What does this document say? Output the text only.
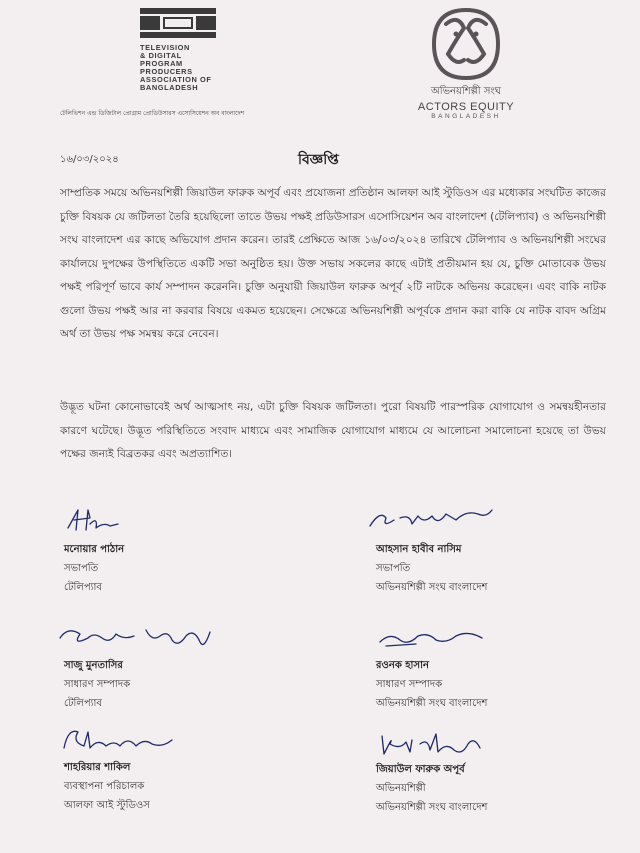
TELEVISION
& DIGITAL
PROGRAM
PRODUCERS
ASSOCIATION OF
BANGLADESH
টেলিভিশন এন্ড ডিজিটাল প্রোগ্রাম প্রোডিউসারস এসোসিয়েশন অব বাংলাদেশ
অভিনয়শিল্পী সংঘ
ACTORS EQUITY
BANGLADESH
১৬/০৩/২০২৪	বিজ্ঞপ্তি
সাম্প্রতিক সময়ে অভিনয়শিল্পী জিয়াউল ফারুক অপূর্ব এবং প্রযোজনা প্রতিষ্ঠান আলফা আই স্টুডিওস এর মধ্যেকার সংঘটিত কাজের চুক্তি বিষয়ক যে জটিলতা তৈরি হয়েছিলো তাতে উভয় পক্ষই প্রডিউসারস এসোসিয়েশন অব বাংলাদেশ (টেলিপ্যাব) ও অভিনয়শিল্পী সংঘ বাংলাদেশ এর কাছে অভিযোগ প্রদান করেন। তারই প্রেক্ষিতে আজ ১৬/০৩/২০২৪ তারিখে টেলিপ্যাব ও অভিনয়শিল্পী সংঘের কার্যালয়ে দুপক্ষের উপস্থিতিতে একটি সভা অনুষ্ঠিত হয়। উক্ত সভায় সকলের কাছে এটাই প্রতীয়মান হয় যে, চুক্তি মোতাবেক উভয় পক্ষই পরিপূর্ণ ভাবে কার্য সম্পাদন করেননি। চুক্তি অনুযায়ী জিয়াউল ফারুক অপূর্ব ২টি নাটকে অভিনয় করেছেন। এবং বাকি নাটক গুলো উভয় পক্ষই আর না করবার বিষয়ে একমত হয়েছেন। সেক্ষেত্রে অভিনয়শিল্পী অপূর্বকে প্রদান করা বাকি যে নাটক বাবদ অগ্রিম অর্থ তা উভয় পক্ষ সমন্বয় করে নেবেন।
উদ্ভূত ঘটনা কোনোভাবেই অর্থ আত্মসাৎ নয়, এটা চুক্তি বিষয়ক জটিলতা। পুরো বিষয়টি পারস্পরিক যোগাযোগ ও সমন্বয়হীনতার কারণে ঘটেছে। উদ্ভূত পরিস্থিতিতে সংবাদ মাধ্যমে এবং সামাজিক যোগাযোগ মাধ্যমে যে আলোচনা সমালোচনা হয়েছে তা উভয় পক্ষের জন্যই বিব্রতকর এবং অপ্রত্যাশিত।
মনোয়ার পাঠান
সভাপতি
টেলিপ্যাব
আহসান হাবীব নাসিম
সভাপতি
অভিনয়শিল্পী সংঘ বাংলাদেশ
সাজু মুনতাসির
সাধারণ সম্পাদক
টেলিপ্যাব
রওনক হাসান
সাধারণ সম্পাদক
অভিনয়শিল্পী সংঘ বাংলাদেশ
শাহরিয়ার শাকিল
ব্যবস্থাপনা পরিচালক
আলফা আই স্টুডিওস
জিয়াউল ফারুক অপূর্ব
অভিনয়শিল্পী
অভিনয়শিল্পী সংঘ বাংলাদেশ
